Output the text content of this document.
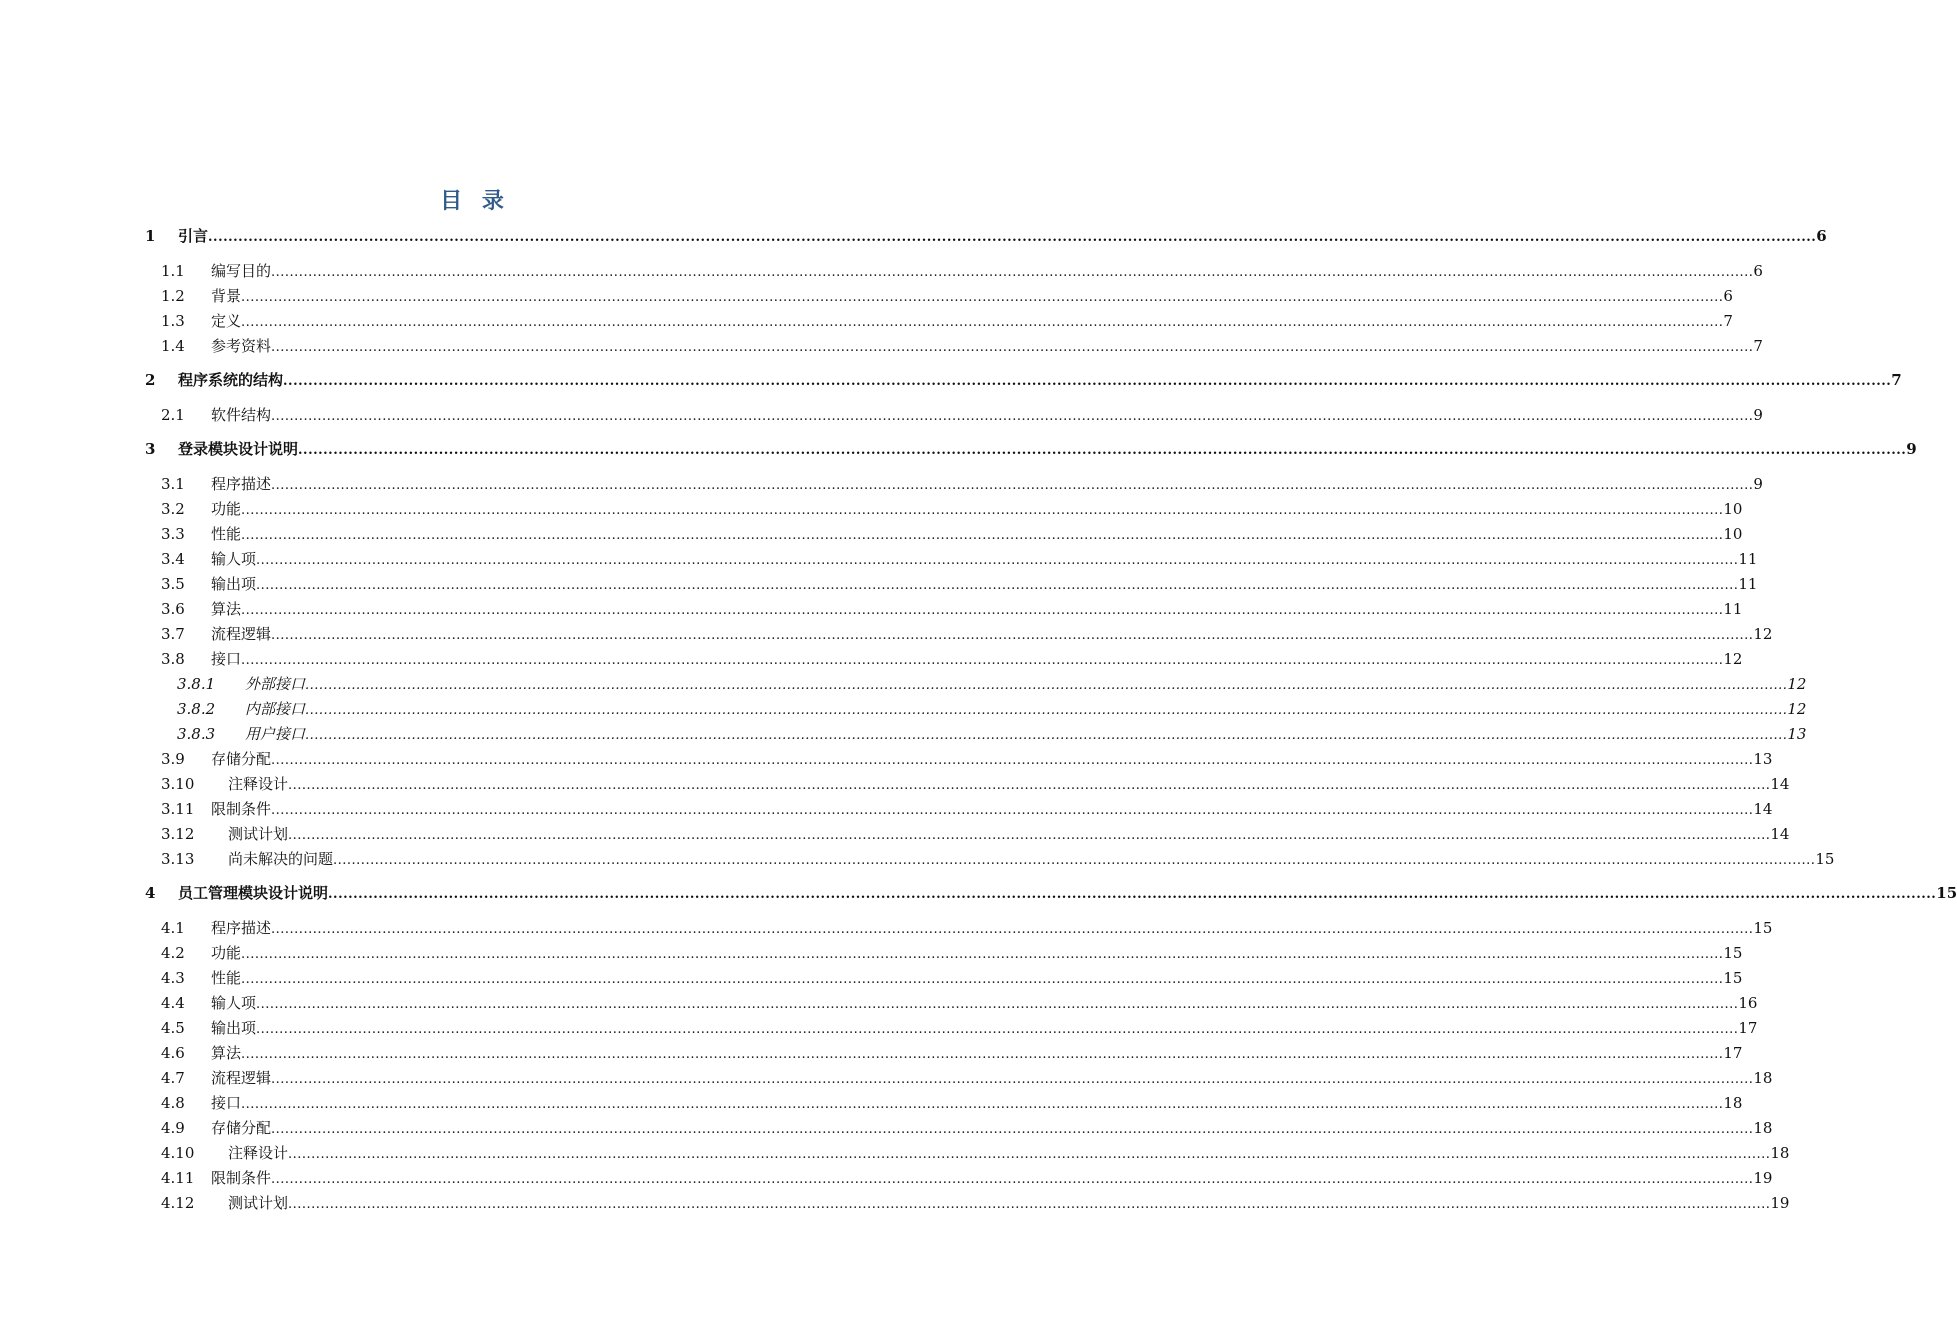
目 录
1 引言 ................................................................................................................................................................................................................................................................................................................................ 6
1.1 编写目的 ................................................................................................................................................................................................................................................................................................................................ 6
1.2 背景 ................................................................................................................................................................................................................................................................................................................................ 6
1.3 定义 ................................................................................................................................................................................................................................................................................................................................ 7
1.4 参考资料 ................................................................................................................................................................................................................................................................................................................................ 7
2 程序系统的结构 ................................................................................................................................................................................................................................................................................................................................ 7
2.1 软件结构 ................................................................................................................................................................................................................................................................................................................................ 9
3 登录模块设计说明 ................................................................................................................................................................................................................................................................................................................................ 9
3.1 程序描述 ................................................................................................................................................................................................................................................................................................................................ 9
3.2 功能 ................................................................................................................................................................................................................................................................................................................................ 10
3.3 性能 ................................................................................................................................................................................................................................................................................................................................ 10
3.4 输人项 ................................................................................................................................................................................................................................................................................................................................ 11
3.5 输出项 ................................................................................................................................................................................................................................................................................................................................ 11
3.6 算法 ................................................................................................................................................................................................................................................................................................................................ 11
3.7 流程逻辑 ................................................................................................................................................................................................................................................................................................................................ 12
3.8 接口 ................................................................................................................................................................................................................................................................................................................................ 12
3.8.1 外部接口 ................................................................................................................................................................................................................................................................................................................................ 12
3.8.2 内部接口 ................................................................................................................................................................................................................................................................................................................................ 12
3.8.3 用户接口 ................................................................................................................................................................................................................................................................................................................................ 13
3.9 存储分配 ................................................................................................................................................................................................................................................................................................................................ 13
3.10 注释设计 ................................................................................................................................................................................................................................................................................................................................ 14
3.11 限制条件 ................................................................................................................................................................................................................................................................................................................................ 14
3.12 测试计划 ................................................................................................................................................................................................................................................................................................................................ 14
3.13 尚未解决的问题 ................................................................................................................................................................................................................................................................................................................................ 15
4 员工管理模块设计说明 ................................................................................................................................................................................................................................................................................................................................ 15
4.1 程序描述 ................................................................................................................................................................................................................................................................................................................................ 15
4.2 功能 ................................................................................................................................................................................................................................................................................................................................ 15
4.3 性能 ................................................................................................................................................................................................................................................................................................................................ 15
4.4 输人项 ................................................................................................................................................................................................................................................................................................................................ 16
4.5 输出项 ................................................................................................................................................................................................................................................................................................................................ 17
4.6 算法 ................................................................................................................................................................................................................................................................................................................................ 17
4.7 流程逻辑 ................................................................................................................................................................................................................................................................................................................................ 18
4.8 接口 ................................................................................................................................................................................................................................................................................................................................ 18
4.9 存储分配 ................................................................................................................................................................................................................................................................................................................................ 18
4.10 注释设计 ................................................................................................................................................................................................................................................................................................................................ 18
4.11 限制条件 ................................................................................................................................................................................................................................................................................................................................ 19
4.12 测试计划 ................................................................................................................................................................................................................................................................................................................................ 19
